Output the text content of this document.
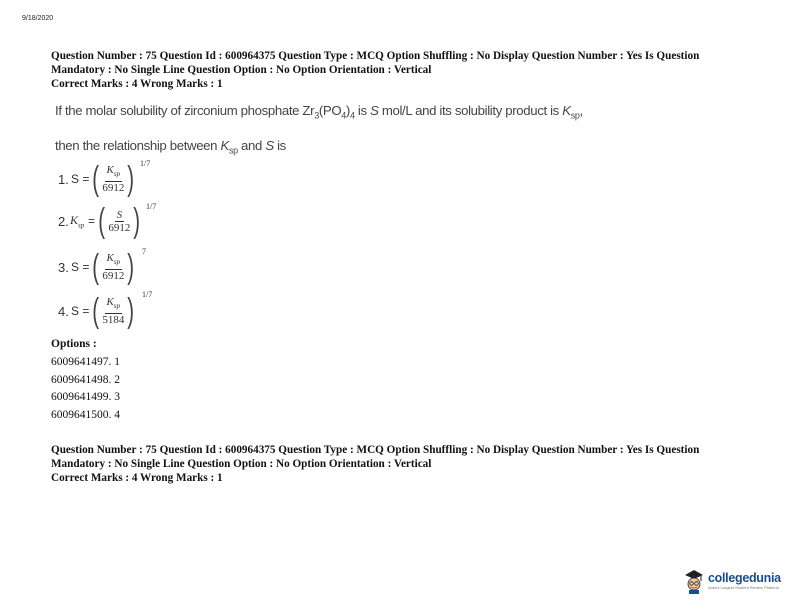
9/18/2020
Question Number : 75 Question Id : 600964375 Question Type : MCQ Option Shuffling : No Display Question Number : Yes Is Question
Mandatory : No Single Line Question Option : No Option Orientation : Vertical
Correct Marks : 4 Wrong Marks : 1
If the molar solubility of zirconium phosphate $Zr_3(PO_4)_4$ is S mol/L and its solubility product is $K_{sp}$,
then the relationship between $K_{sp}$ and S is
1. S = ( $\frac{K_{sp}}{6912}$ ) 1/7
2. $K_{sp}$ = ( $\frac{S}{6912}$ ) 1/7
3. S = ( $\frac{K_{sp}}{6912}$ ) 7
4. S = ( $\frac{K_{sp}}{5184}$ ) 1/7
Options :
6009641497. 1
6009641498. 2
6009641499. 3
6009641500. 4
Question Number : 75 Question Id : 600964375 Question Type : MCQ Option Shuffling : No Display Question Number : Yes Is Question
Mandatory : No Single Line Question Option : No Option Orientation : Vertical
Correct Marks : 4 Wrong Marks : 1
collegedunia
India's Largest Student Review Platform
